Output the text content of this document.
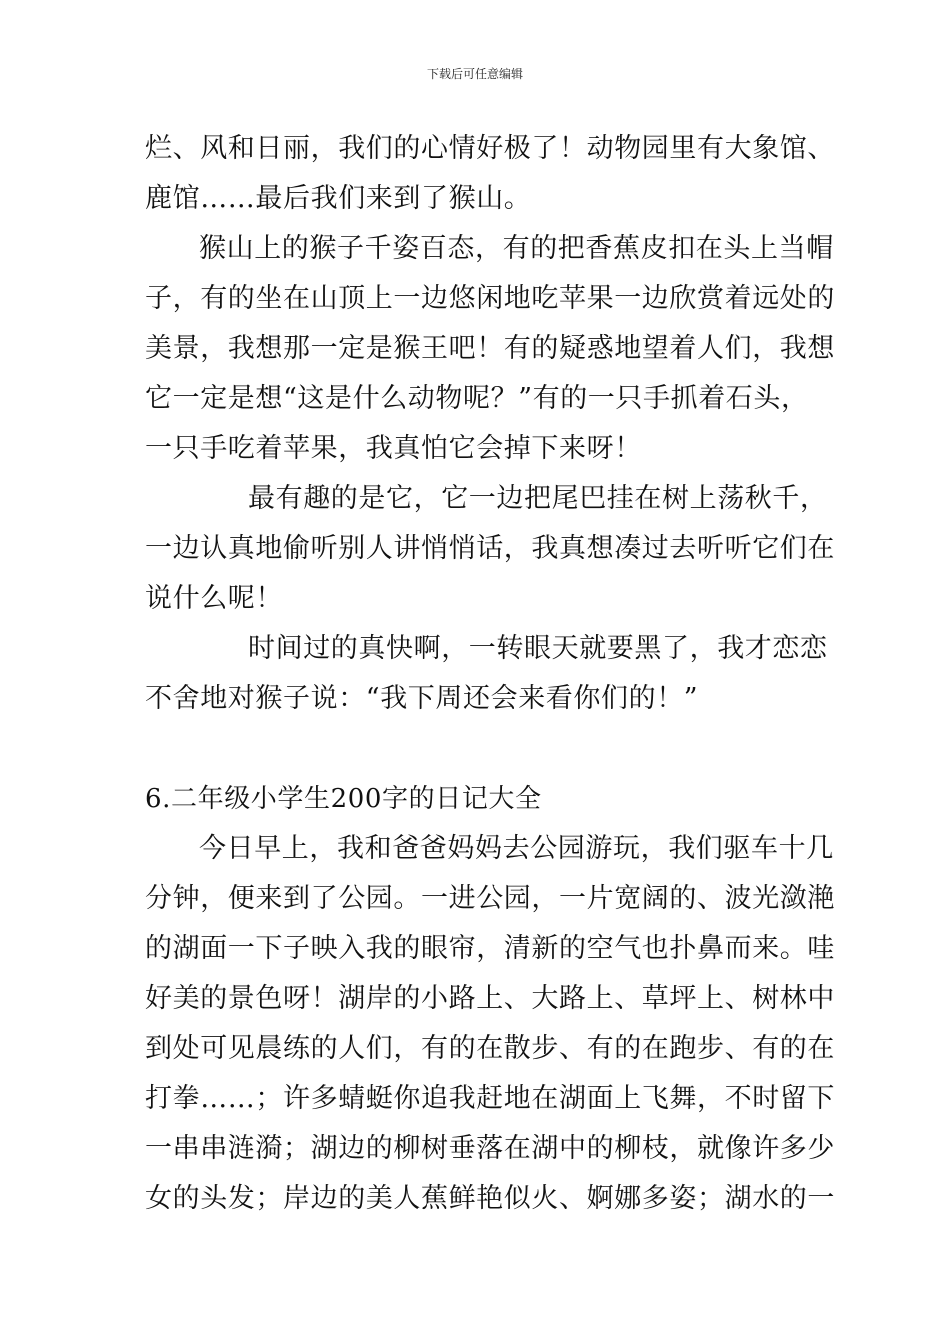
下载后可任意编辑
烂、风和日丽，我们的心情好极了！动物园里有大象馆、
鹿馆……最后我们来到了猴山。
猴山上的猴子千姿百态，有的把香蕉皮扣在头上当帽
子，有的坐在山顶上一边悠闲地吃苹果一边欣赏着远处的
美景，我想那一定是猴王吧！有的疑惑地望着人们，我想
它一定是想“这是什么动物呢？”有的一只手抓着石头，
一只手吃着苹果，我真怕它会掉下来呀！
最有趣的是它，它一边把尾巴挂在树上荡秋千，
一边认真地偷听别人讲悄悄话，我真想凑过去听听它们在
说什么呢！
时间过的真快啊，一转眼天就要黑了，我才恋恋
不舍地对猴子说：“我下周还会来看你们的！”
6.二年级小学生200字的日记大全
今日早上，我和爸爸妈妈去公园游玩，我们驱车十几
分钟，便来到了公园。一进公园，一片宽阔的、波光潋滟
的湖面一下子映入我的眼帘，清新的空气也扑鼻而来。哇
好美的景色呀！湖岸的小路上、大路上、草坪上、树林中
到处可见晨练的人们，有的在散步、有的在跑步、有的在
打拳……；许多蜻蜓你追我赶地在湖面上飞舞，不时留下
一串串涟漪；湖边的柳树垂落在湖中的柳枝，就像许多少
女的头发；岸边的美人蕉鲜艳似火、婀娜多姿；湖水的一
